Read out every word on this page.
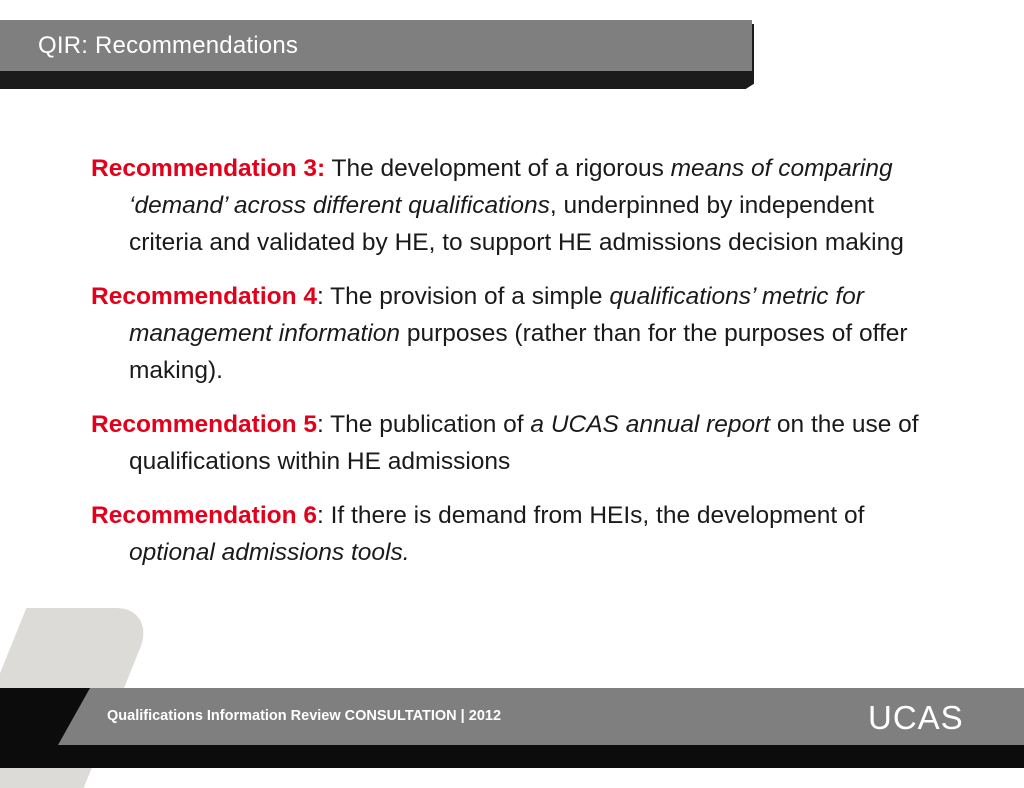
QIR: Recommendations

Recommendation 3: The development of a rigorous means of comparing ‘demand’ across different qualifications, underpinned by independent criteria and validated by HE, to support HE admissions decision making

Recommendation 4: The provision of a simple qualifications’ metric for management information purposes (rather than for the purposes of offer making).

Recommendation 5: The publication of a UCAS annual report on the use of qualifications within HE admissions

Recommendation 6: If there is demand from HEIs, the development of optional admissions tools.

Qualifications Information Review CONSULTATION | 2012	UCAS
